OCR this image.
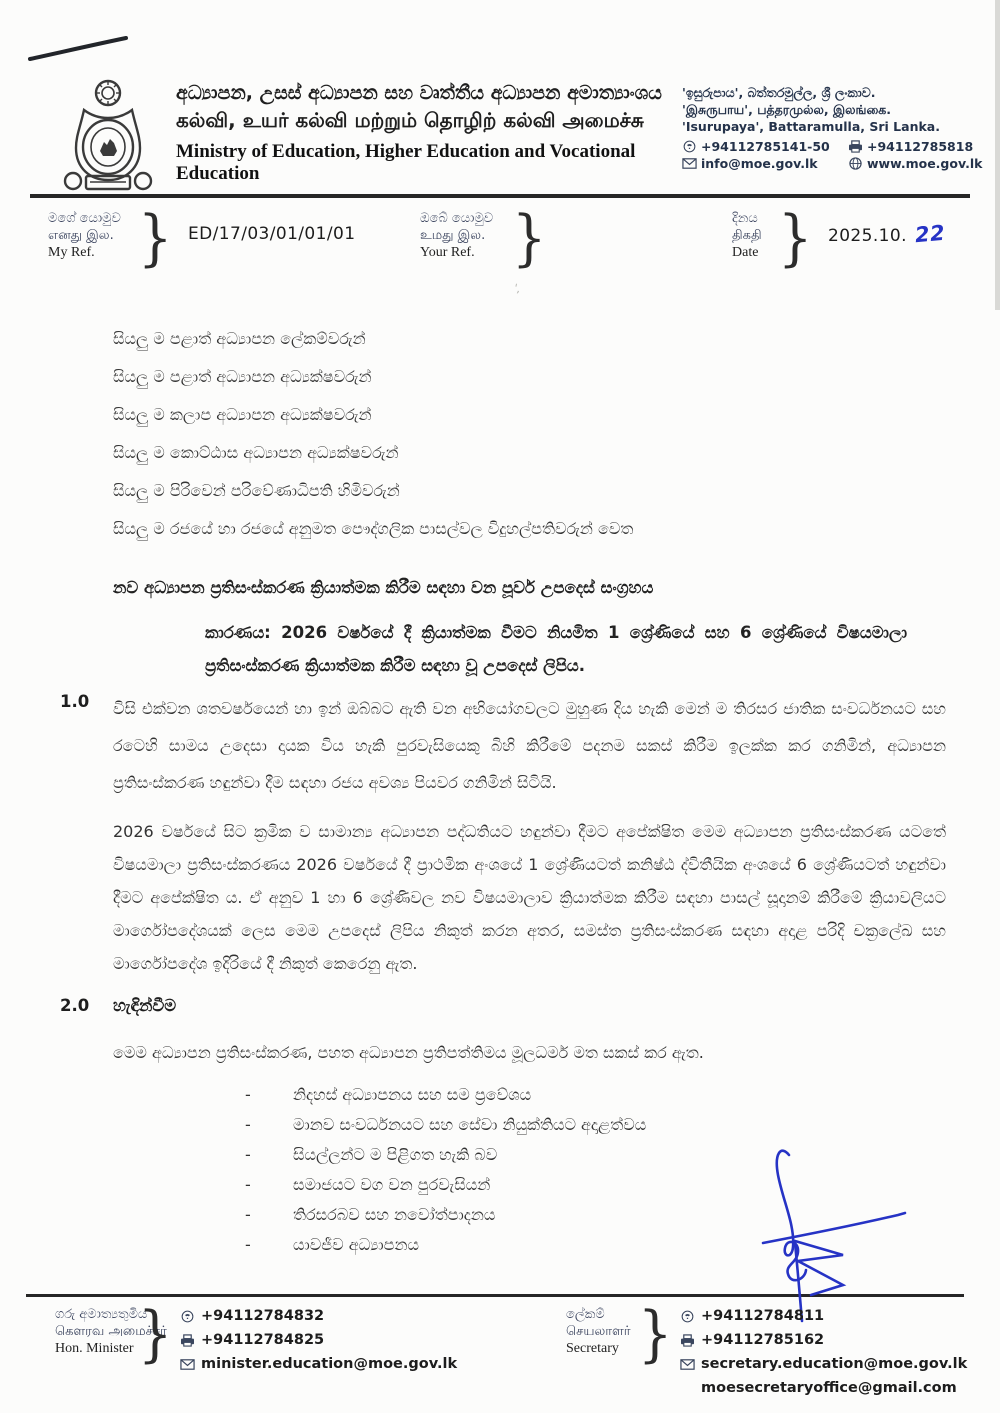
අධ්‍යාපන, උසස් අධ්‍යාපන සහ වෘත්තීය අධ්‍යාපන අමාත්‍යාංශය
கல்வி, உயர் கல்வி மற்றும் தொழிற் கல்வி அமைச்சு
Ministry of Education, Higher Education and Vocational Education
'ඉසුරුපාය', බත්තරමුල්ල, ශ්‍රී ලංකාව.
'இசுருபாய', பத்தரமுல்ல, இலங்கை.
'Isurupaya', Battaramulla, Sri Lanka.
+94112785141-50	+94112785818
info@moe.gov.lk	www.moe.gov.lk
මගේ යොමුව
எனது இல.
My Ref. } ED/17/03/01/01/01
ඔබේ යොමුව
உமது இல.
Your Ref. }	දිනය
திகதி
Date } 2025.10. 22
',
සියලු ම පළාත් අධ්‍යාපන ලේකම්වරුන්
සියලු ම පළාත් අධ්‍යාපන අධ්‍යක්ෂවරුන්
සියලු ම කලාප අධ්‍යාපන අධ්‍යක්ෂවරුන්
සියලු ම කොට්ඨාස අධ්‍යාපන අධ්‍යක්ෂවරුන්
සියලු ම පිරිවෙන් පරිවේණාධිපති හිමිවරුන්
සියලු ම රජයේ හා රජයේ අනුමත පෞද්ගලික පාසල්වල විදුහල්පතිවරුන් වෙත
නව අධ්‍යාපන ප්‍රතිසංස්කරණ ක්‍රියාත්මක කිරීම සඳහා වන පූර්ව උපදෙස් සංග්‍රහය
කාරණය: 2026 වර්ෂයේ දී ක්‍රියාත්මක වීමට නියමිත 1 ශ්‍රේණියේ සහ 6 ශ්‍රේණියේ විෂයමාලා ප්‍රතිසංස්කරණ ක්‍රියාත්මක කිරීම සඳහා වූ උපදෙස් ලිපිය.
1.0 විසි එක්වන ශතවර්ෂයෙන් හා ඉන් ඔබ්බට ඇති වන අභියෝගවලට මුහුණ දිය හැකි මෙන් ම තිරසර ජාතික සංවර්ධනයට සහ රටෙහි සාමය උදෙසා දායක විය හැකි පුරවැසියෙකු බිහි කිරීමේ පදනම සකස් කිරීම ඉලක්ක කර ගනිමින්, අධ්‍යාපන ප්‍රතිසංස්කරණ හඳුන්වා දීම සඳහා රජය අවශ්‍ය පියවර ගනිමින් සිටියි.
2026 වර්ෂයේ සිට ක්‍රමික ව සාමාන්‍ය අධ්‍යාපන පද්ධතියට හඳුන්වා දීමට අපේක්ෂිත මෙම අධ්‍යාපන ප්‍රතිසංස්කරණ යටතේ විෂයමාලා ප්‍රතිසංස්කරණය 2026 වර්ෂයේ දී ප්‍රාථමික අංශයේ 1 ශ්‍රේණියටත් කනිෂ්ඨ ද්විතීයික අංශයේ 6 ශ්‍රේණියටත් හඳුන්වා දීමට අපේක්ෂිත ය. ඒ අනුව 1 හා 6 ශ්‍රේණිවල නව විෂයමාලාව ක්‍රියාත්මක කිරීම සඳහා පාසල් සූදානම් කිරීමේ ක්‍රියාවලියට මාර්ගෝපදේශයක් ලෙස මෙම උපදෙස් ලිපිය නිකුත් කරන අතර, සමස්ත ප්‍රතිසංස්කරණ සඳහා අදාළ පරිදි චක්‍රලේඛ සහ මාර්ගෝපදේශ ඉදිරියේ දී නිකුත් කෙරෙනු ඇත.
2.0 හැඳින්වීම
මෙම අධ්‍යාපන ප්‍රතිසංස්කරණ, පහත අධ්‍යාපන ප්‍රතිපත්තිමය මූලධර්ම මත සකස් කර ඇත.
-	නිදහස් අධ්‍යාපනය සහ සම ප්‍රවේශය
-	මානව සංවර්ධනයට සහ සේවා නියුක්තියට අදාළත්වය
-	සියල්ලන්ට ම පිළිගත හැකි බව
-	සමාජයට වග වන පුරවැසියන්
-	තිරසරබව සහ නවෝත්පාදනය
-	යාවජීව අධ්‍යාපනය
ගරු අමාත්‍යතුමිය
கௌரவ அமைச்சர்
Hon. Minister } +94112784832
+94112784825
minister.education@moe.gov.lk
ලේකම්
செயலாளர்
Secretary } +94112784811
+94112785162
secretary.education@moe.gov.lk
moesecretaryoffice@gmail.com
